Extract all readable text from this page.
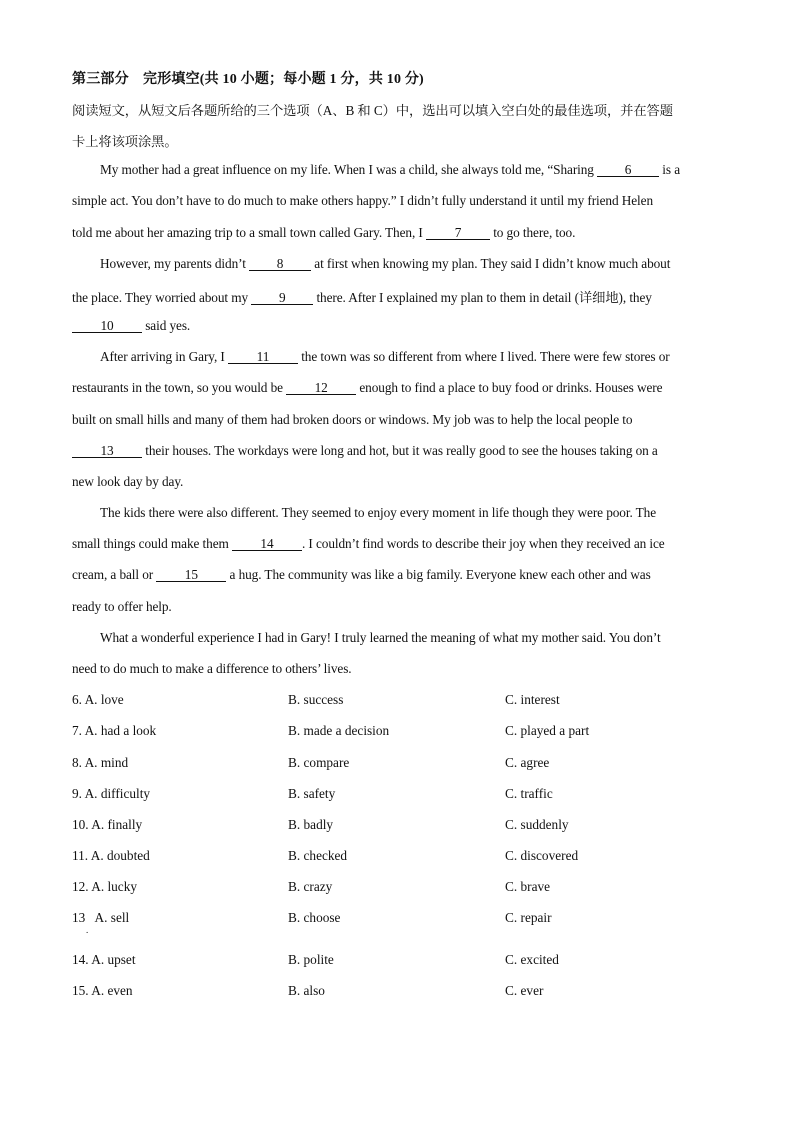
第三部分　完形填空(共 10 小题；每小题 1 分，共 10 分)
阅读短文，从短文后各题所给的三个选项（A、B 和 C）中，选出可以填入空白处的最佳选项，并在答题
卡上将该项涂黑。
My mother had a great influence on my life. When I was a child, she always told me, “Sharing 6 is a
simple act. You don’t have to do much to make others happy.” I didn’t fully understand it until my friend Helen
told me about her amazing trip to a small town called Gary. Then, I 7 to go there, too.
However, my parents didn’t 8 at first when knowing my plan. They said I didn’t know much about
the place. They worried about my 9 there. After I explained my plan to them in detail (详细地), they
10 said yes.
After arriving in Gary, I 11 the town was so different from where I lived. There were few stores or
restaurants in the town, so you would be 12 enough to find a place to buy food or drinks. Houses were
built on small hills and many of them had broken doors or windows. My job was to help the local people to
13 their houses. The workdays were long and hot, but it was really good to see the houses taking on a
new look day by day.
The kids there were also different. They seemed to enjoy every moment in life though they were poor. The
small things could make them 14 . I couldn’t find words to describe their joy when they received an ice
cream, a ball or 15 a hug. The community was like a big family. Everyone knew each other and was
ready to offer help.
What a wonderful experience I had in Gary! I truly learned the meaning of what my mother said. You don’t
need to do much to make a difference to others’ lives.
6. A. love	B. success	C. interest
7. A. had a look	B. made a decision	C. played a part
8. A. mind	B. compare	C. agree
9. A. difficulty	B. safety	C. traffic
10. A. finally	B. badly	C. suddenly
11. A. doubted	B. checked	C. discovered
12. A. lucky	B. crazy	C. brave
13   A. sell	B. choose	C. repair
.
14. A. upset	B. polite	C. excited
15. A. even	B. also	C. ever
